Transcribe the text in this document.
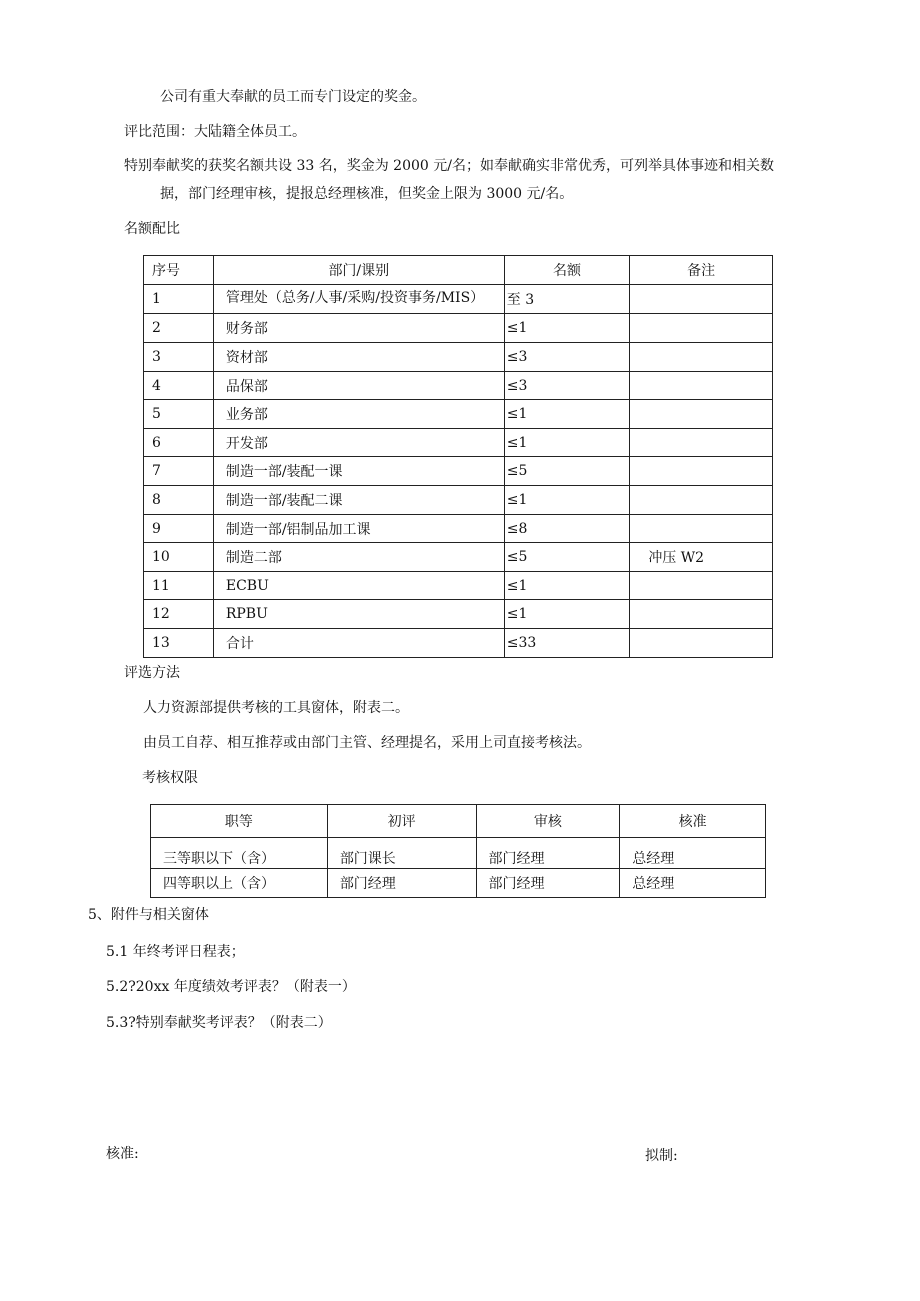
公司有重大奉献的员工而专门设定的奖金。
评比范围：大陆籍全体员工。
特别奉献奖的获奖名额共设 33 名，奖金为 2000 元/名；如奉献确实非常优秀，可列举具体事迹和相关数
据，部门经理审核，提报总经理核准，但奖金上限为 3000 元/名。
名额配比
序号	部门/课别	名额	备注
1	管理处（总务/人事/采购/投资事务/MIS）	至 3	
2	财务部	≤1	
3	资材部	≤3	
4	品保部	≤3	
5	业务部	≤1	
6	开发部	≤1	
7	制造一部/装配一课	≤5	
8	制造一部/装配二课	≤1	
9	制造一部/铝制品加工课	≤8	
10	制造二部	≤5	冲压 W2
11	ECBU	≤1	
12	RPBU	≤1	
13	合计	≤33	
评选方法
人力资源部提供考核的工具窗体，附表二。
由员工自荐、相互推荐或由部门主管、经理提名，采用上司直接考核法。
考核权限
职等	初评	审核	核准
三等职以下（含）	部门课长	部门经理	总经理
四等职以上（含）	部门经理	部门经理	总经理
5、附件与相关窗体
5.1 年终考评日程表；
5.2?20xx 年度绩效考评表？（附表一）
5.3?特别奉献奖考评表？（附表二）
核准:	拟制:
